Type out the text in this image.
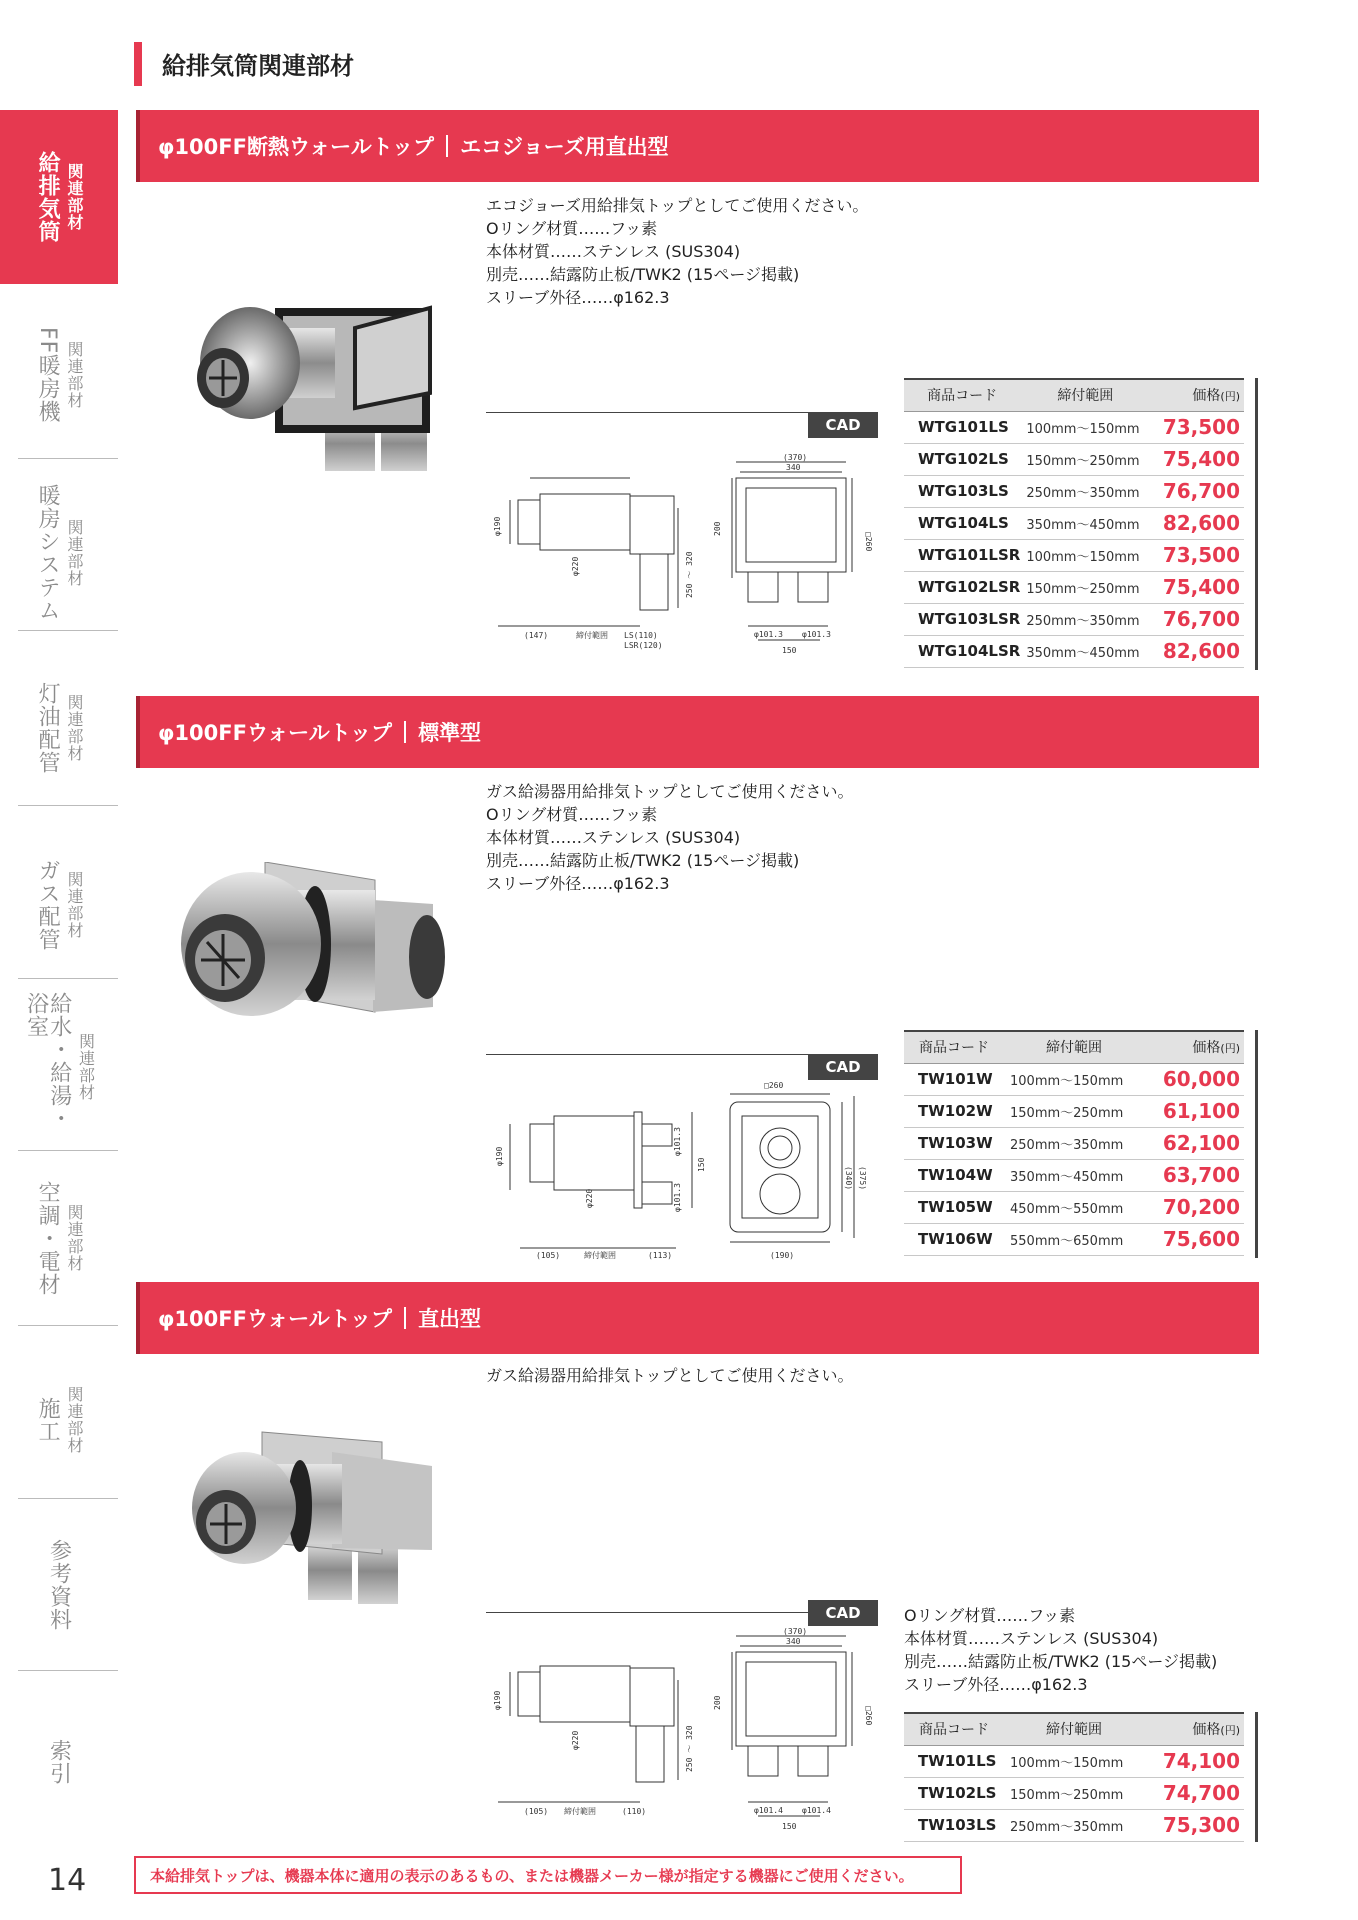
給排気筒関連部材
給排気筒 関連部材
FF暖房機 関連部材
暖房システム 関連部材
灯油配管 関連部材
ガス配管 関連部材
給水・給湯・浴室
関連部材
空調・電材 関連部材
施工 関連部材
参考資料
索引
14
φ100FF断熱ウォールトップ エコジョーズ用直出型
エコジョーズ用給排気トップとしてご使用ください。
Oリング材質……フッ素
本体材質……ステンレス (SUS304)
別売……結露防止板/TWK2 (15ページ掲載)
スリーブ外径……φ162.3
CAD
(370)
340
200
□260
φ190
φ220	250 ～ 320
(147)	締付範囲 LS(110)
LSR(120)
φ101.3 φ101.3
150
商品コード	締付範囲	価格(円)
WTG101LS	100mm～150mm	73,500
WTG102LS	150mm～250mm	75,400
WTG103LS	250mm～350mm	76,700
WTG104LS	350mm～450mm	82,600
WTG101LSR	100mm～150mm	73,500
WTG102LSR	150mm～250mm	75,400
WTG103LSR	250mm～350mm	76,700
WTG104LSR	350mm～450mm	82,600
φ100FFウォールトップ 標準型
ガス給湯器用給排気トップとしてご使用ください。
Oリング材質……フッ素
本体材質……ステンレス (SUS304)
別売……結露防止板/TWK2 (15ページ掲載)
スリーブ外径……φ162.3
CAD
□260
φ190
φ220
φ101.3
φ101.3
150
(340) (375)
(105)	締付範囲	(113)	(190)
商品コード	締付範囲	価格(円)
TW101W	100mm～150mm	60,000
TW102W	150mm～250mm	61,100
TW103W	250mm～350mm	62,100
TW104W	350mm～450mm	63,700
TW105W	450mm～550mm	70,200
TW106W	550mm～650mm	75,600
φ100FFウォールトップ 直出型
ガス給湯器用給排気トップとしてご使用ください。
CAD
(370)
340
200
□260
φ190
φ220	250 ～ 320
(105) 締付範囲	(110)	φ101.4 φ101.4
150
Oリング材質……フッ素
本体材質……ステンレス (SUS304)
別売……結露防止板/TWK2 (15ページ掲載)
スリーブ外径……φ162.3
商品コード	締付範囲	価格(円)
TW101LS	100mm～150mm	74,100
TW102LS	150mm～250mm	74,700
TW103LS	250mm～350mm	75,300
本給排気トップは、機器本体に適用の表示のあるもの、または機器メーカー様が指定する機器にご使用ください。
